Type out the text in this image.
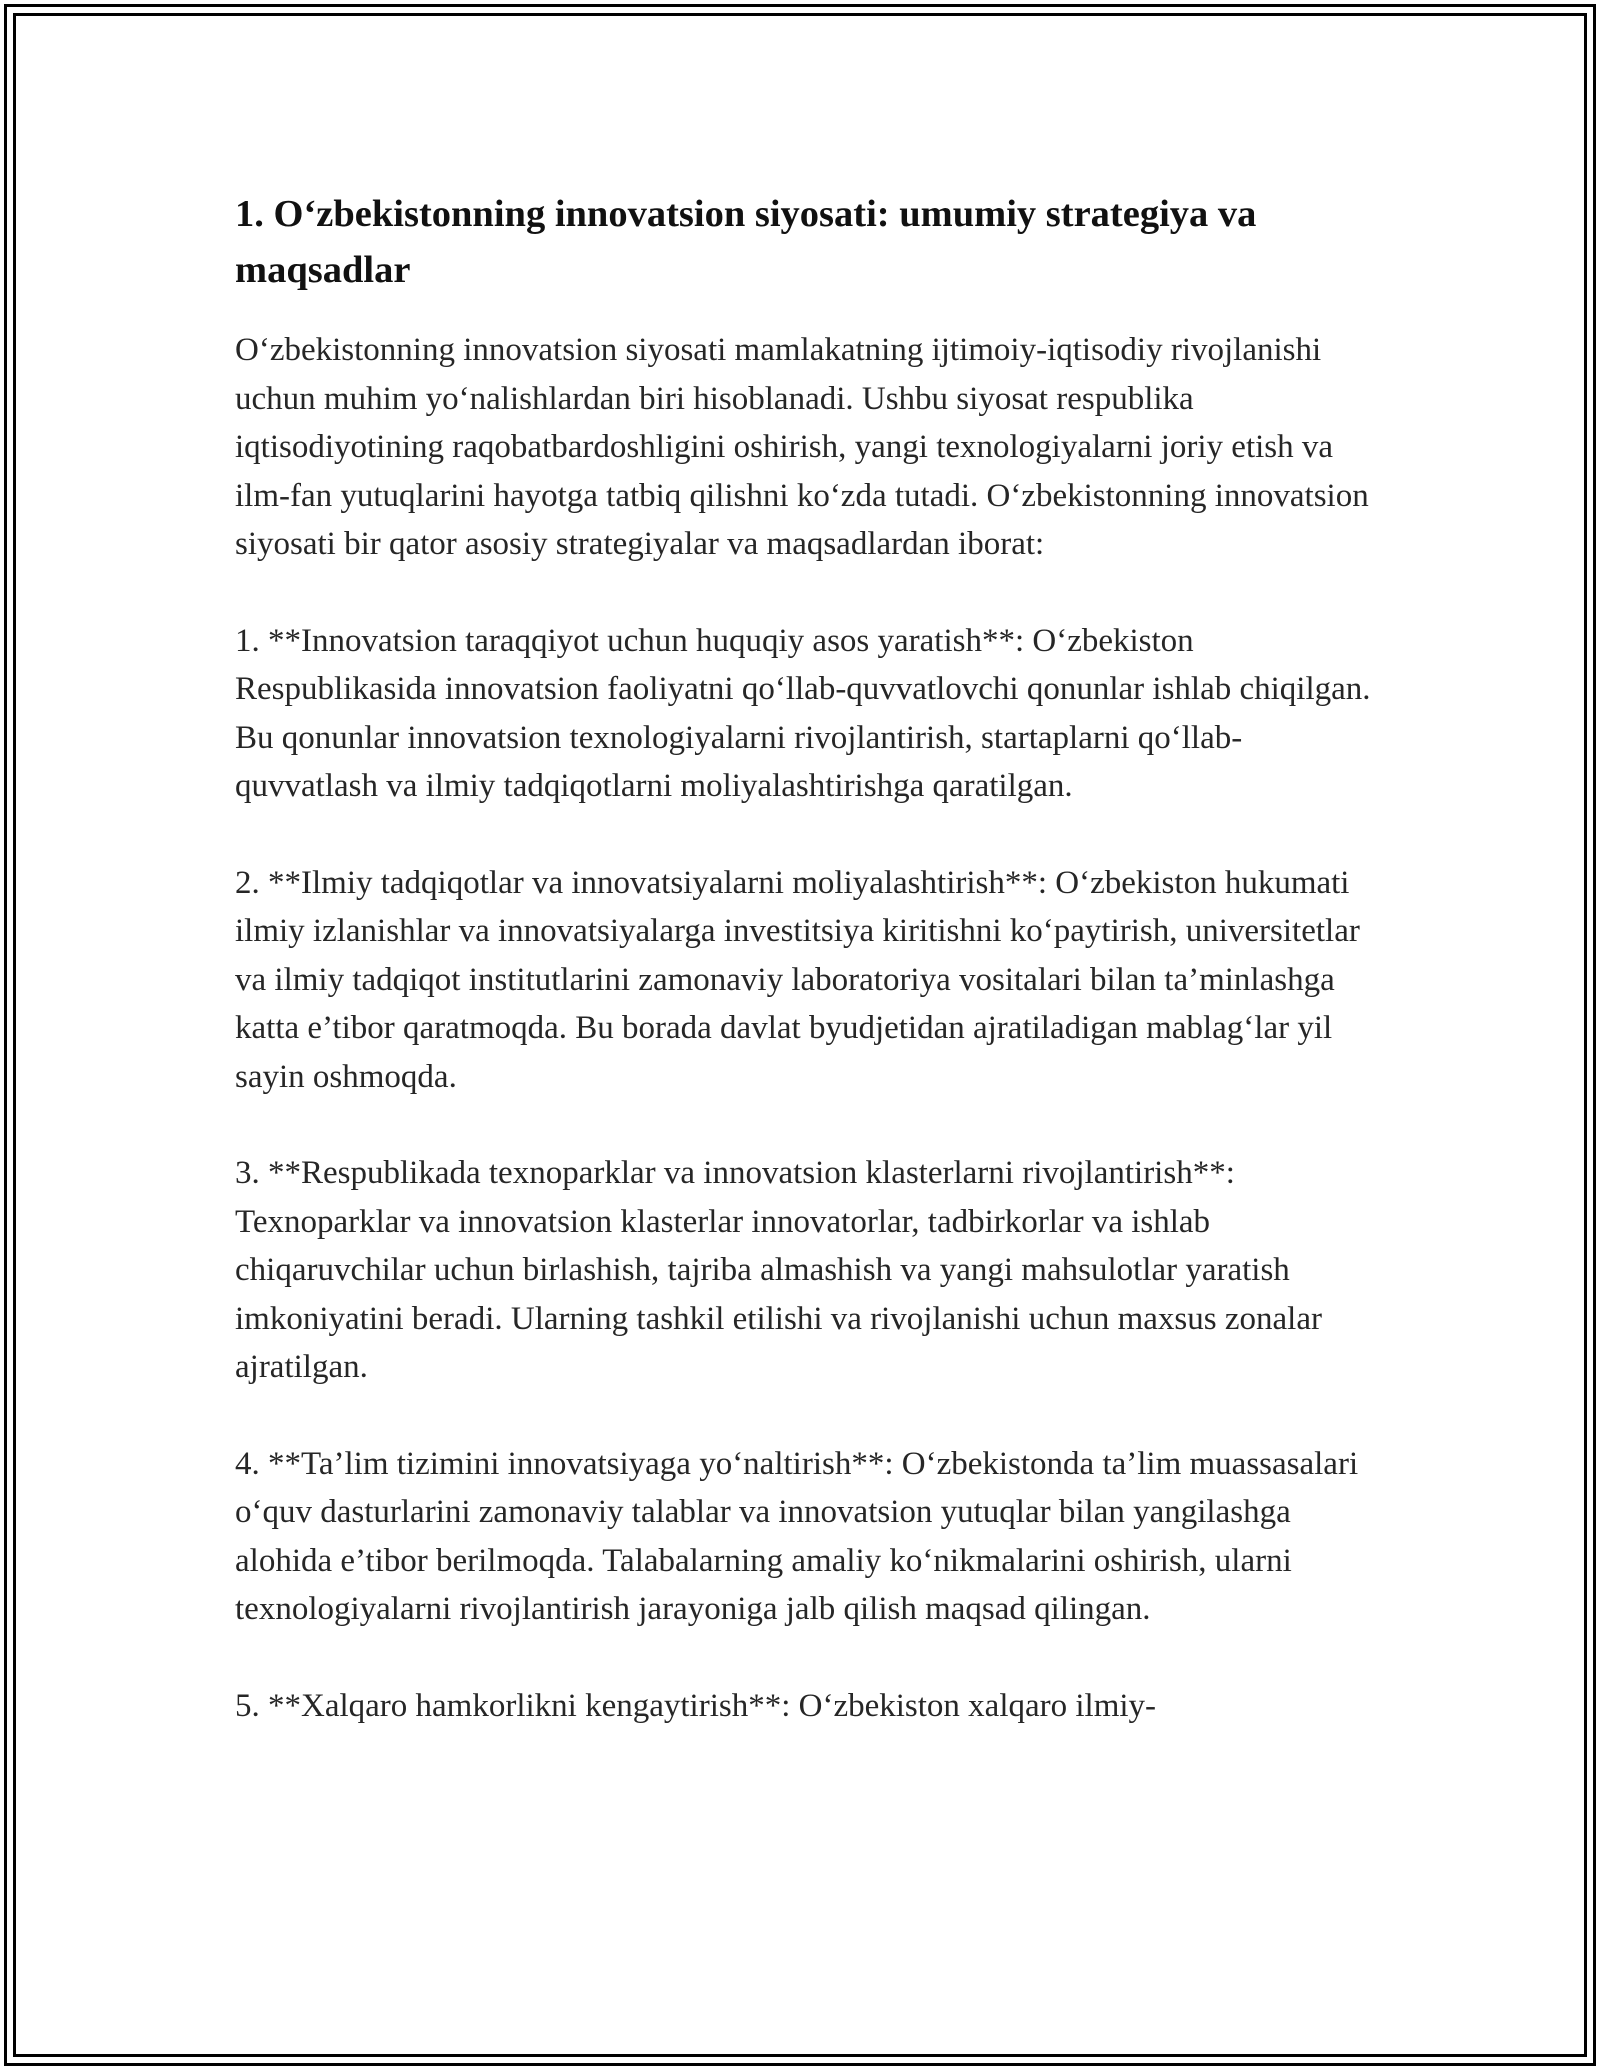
1. O‘zbekistonning innovatsion siyosati: umumiy strategiya va maqsadlar

O‘zbekistonning innovatsion siyosati mamlakatning ijtimoiy-iqtisodiy rivojlanishi uchun muhim yo‘nalishlardan biri hisoblanadi. Ushbu siyosat respublika iqtisodiyotining raqobatbardoshligini oshirish, yangi texnologiyalarni joriy etish va ilm-fan yutuqlarini hayotga tatbiq qilishni ko‘zda tutadi. O‘zbekistonning innovatsion siyosati bir qator asosiy strategiyalar va maqsadlardan iborat:

1. **Innovatsion taraqqiyot uchun huquqiy asos yaratish**: O‘zbekiston Respublikasida innovatsion faoliyatni qo‘llab-quvvatlovchi qonunlar ishlab chiqilgan. Bu qonunlar innovatsion texnologiyalarni rivojlantirish, startaplarni qo‘llab-quvvatlash va ilmiy tadqiqotlarni moliyalashtirishga qaratilgan.

2. **Ilmiy tadqiqotlar va innovatsiyalarni moliyalashtirish**: O‘zbekiston hukumati ilmiy izlanishlar va innovatsiyalarga investitsiya kiritishni ko‘paytirish, universitetlar va ilmiy tadqiqot institutlarini zamonaviy laboratoriya vositalari bilan ta’minlashga katta e’tibor qaratmoqda. Bu borada davlat byudjetidan ajratiladigan mablag‘lar yil sayin oshmoqda.

3. **Respublikada texnoparklar va innovatsion klasterlarni rivojlantirish**: Texnoparklar va innovatsion klasterlar innovatorlar, tadbirkorlar va ishlab chiqaruvchilar uchun birlashish, tajriba almashish va yangi mahsulotlar yaratish imkoniyatini beradi. Ularning tashkil etilishi va rivojlanishi uchun maxsus zonalar ajratilgan.

4. **Ta’lim tizimini innovatsiyaga yo‘naltirish**: O‘zbekistonda ta’lim muassasalari o‘quv dasturlarini zamonaviy talablar va innovatsion yutuqlar bilan yangilashga alohida e’tibor berilmoqda. Talabalarning amaliy ko‘nikmalarini oshirish, ularni texnologiyalarni rivojlantirish jarayoniga jalb qilish maqsad qilingan.

5. **Xalqaro hamkorlikni kengaytirish**: O‘zbekiston xalqaro ilmiy-
